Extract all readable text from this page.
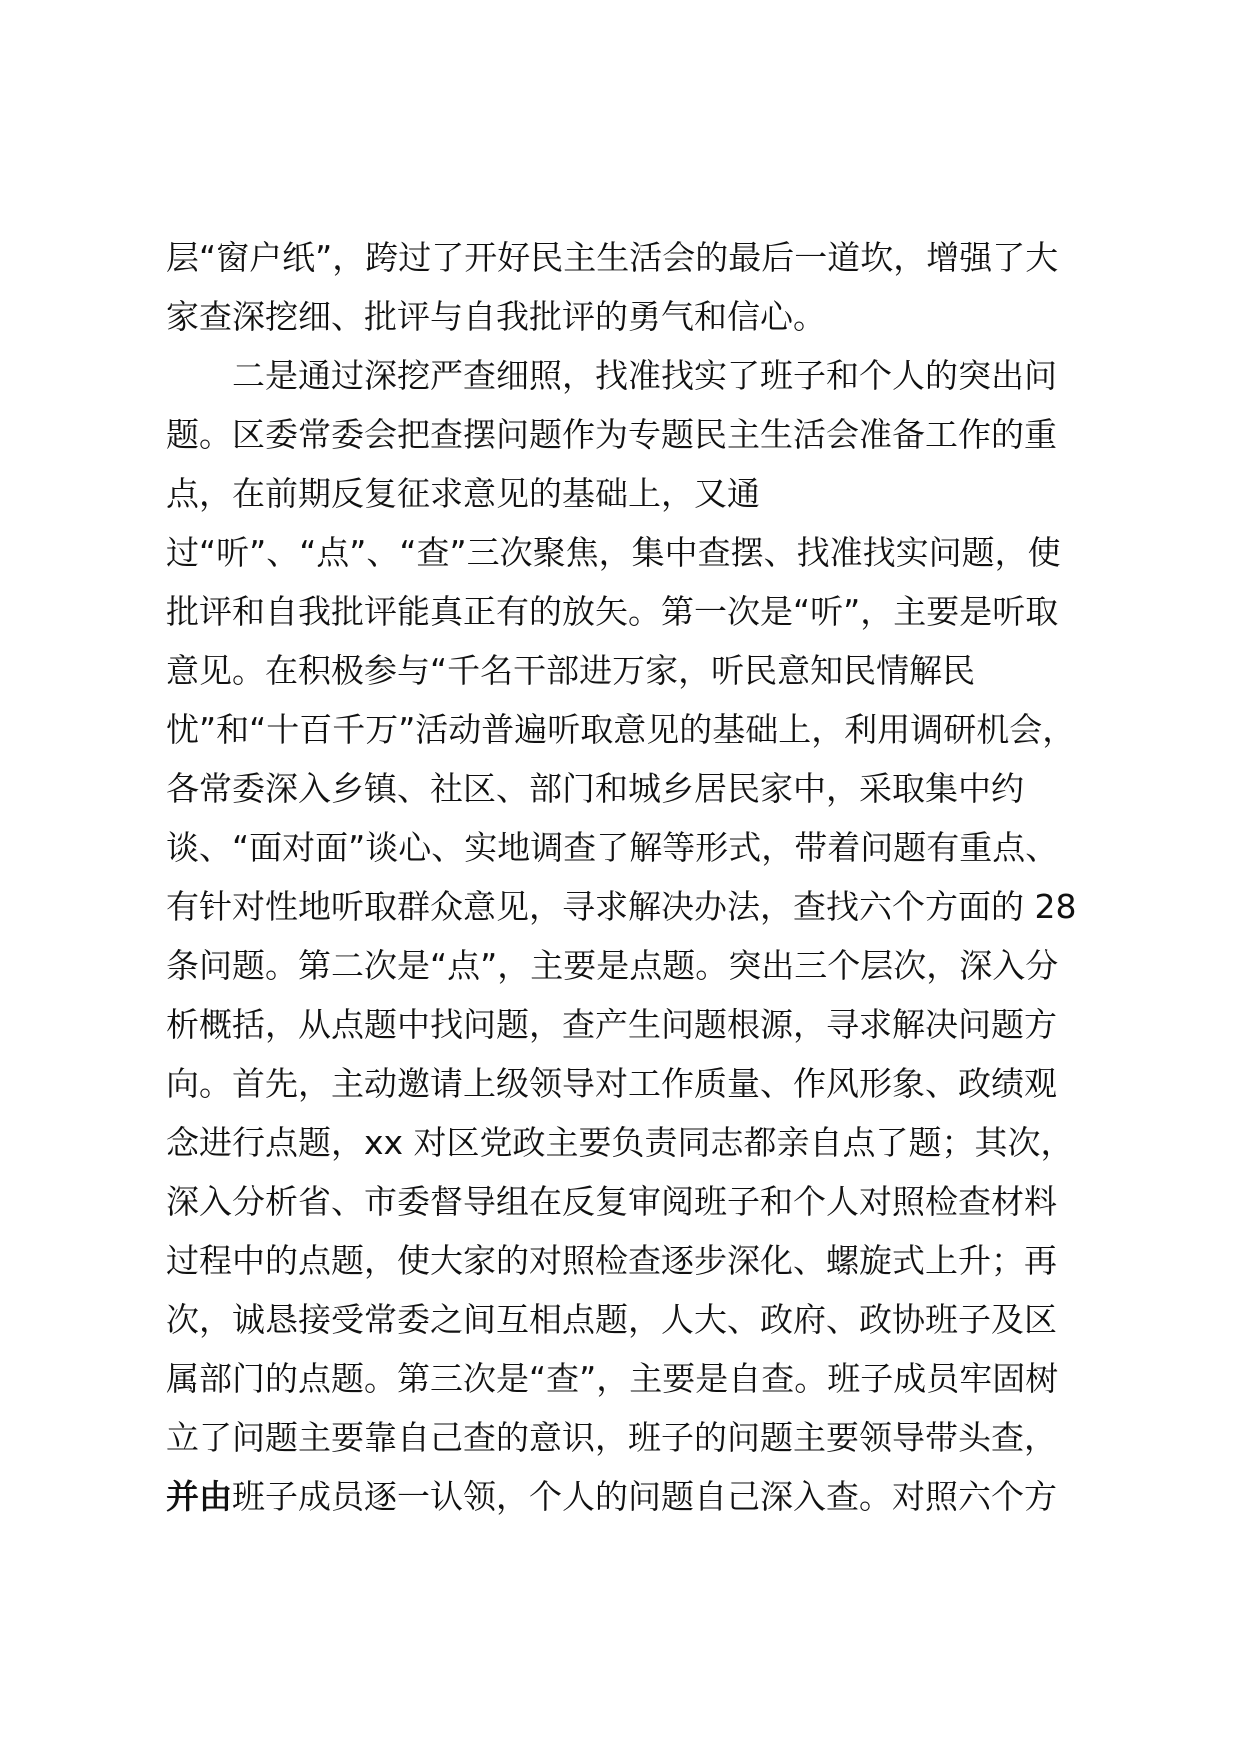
层“窗户纸”，跨过了开好民主生活会的最后一道坎，增强了大
家查深挖细、批评与自我批评的勇气和信心。
二是通过深挖严查细照，找准找实了班子和个人的突出问
题。区委常委会把查摆问题作为专题民主生活会准备工作的重
点，在前期反复征求意见的基础上，又通
过“听”、“点”、“查”三次聚焦，集中查摆、找准找实问题，使
批评和自我批评能真正有的放矢。第一次是“听”，主要是听取
意见。在积极参与“千名干部进万家，听民意知民情解民
忧”和“十百千万”活动普遍听取意见的基础上，利用调研机会，
各常委深入乡镇、社区、部门和城乡居民家中，采取集中约
谈、“面对面”谈心、实地调查了解等形式，带着问题有重点、
有针对性地听取群众意见，寻求解决办法，查找六个方面的 28
条问题。第二次是“点”，主要是点题。突出三个层次，深入分
析概括，从点题中找问题，查产生问题根源，寻求解决问题方
向。首先，主动邀请上级领导对工作质量、作风形象、政绩观
念进行点题，xx 对区党政主要负责同志都亲自点了题；其次，
深入分析省、市委督导组在反复审阅班子和个人对照检查材料
过程中的点题，使大家的对照检查逐步深化、螺旋式上升；再
次，诚恳接受常委之间互相点题，人大、政府、政协班子及区
属部门的点题。第三次是“查”，主要是自查。班子成员牢固树
立了问题主要靠自己查的意识，班子的问题主要领导带头查，
并由班子成员逐一认领，个人的问题自己深入查。对照六个方
